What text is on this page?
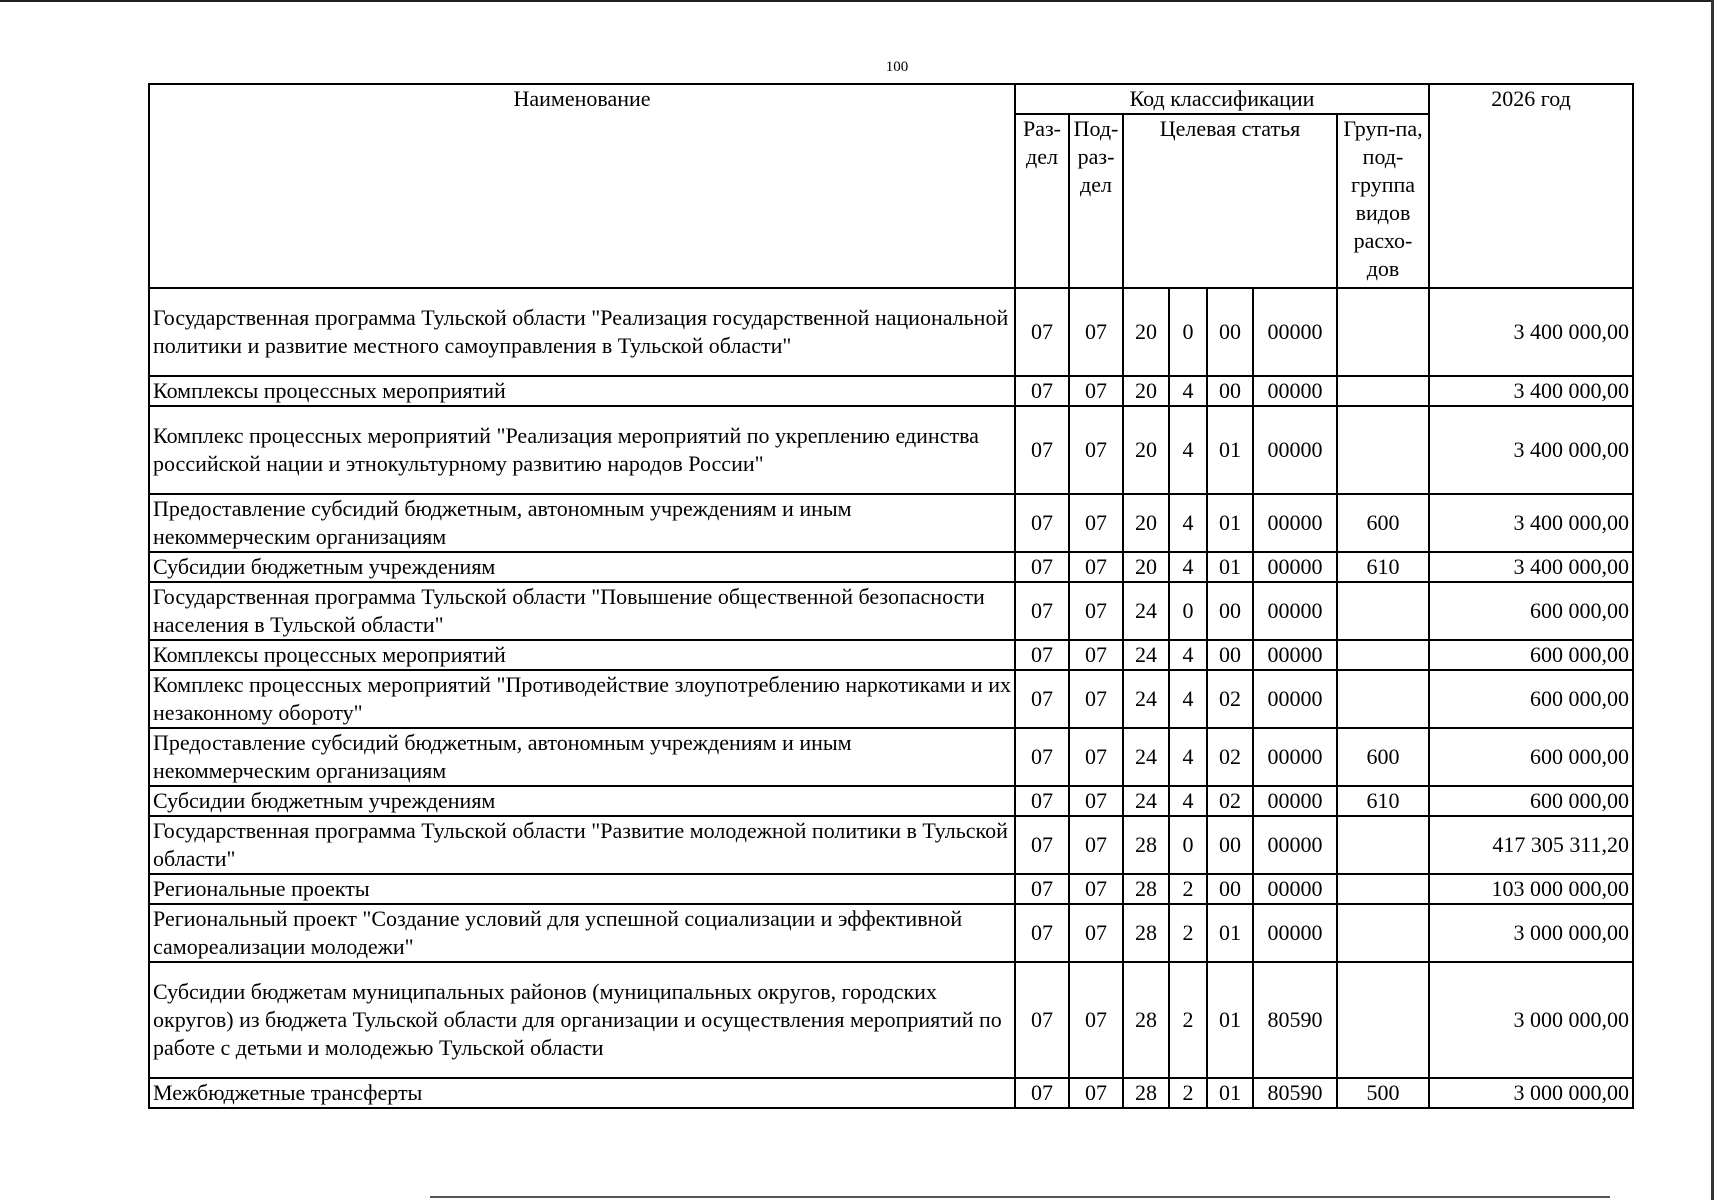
100
Наименование	Код классификации							2026 год
	Раз-дел	Под-раз-дел	Целевая статья				Груп-па, под-группа видов расхо-дов	
Государственная программа Тульской области "Реализация государственной национальной политики и развитие местного самоуправления в Тульской области"	07	07	20	0	00	00000		3 400 000,00
Комплексы процессных мероприятий	07	07	20	4	00	00000		3 400 000,00
Комплекс процессных мероприятий "Реализация мероприятий по укреплению единства российской нации и этнокультурному развитию народов России"	07	07	20	4	01	00000		3 400 000,00
Предоставление субсидий бюджетным, автономным учреждениям и иным некоммерческим организациям	07	07	20	4	01	00000	600	3 400 000,00
Субсидии бюджетным учреждениям	07	07	20	4	01	00000	610	3 400 000,00
Государственная программа Тульской области "Повышение общественной безопасности населения в Тульской области"	07	07	24	0	00	00000		600 000,00
Комплексы процессных мероприятий	07	07	24	4	00	00000		600 000,00
Комплекс процессных мероприятий "Противодействие злоупотреблению наркотиками и их незаконному обороту"	07	07	24	4	02	00000		600 000,00
Предоставление субсидий бюджетным, автономным учреждениям и иным некоммерческим организациям	07	07	24	4	02	00000	600	600 000,00
Субсидии бюджетным учреждениям	07	07	24	4	02	00000	610	600 000,00
Государственная программа Тульской области "Развитие молодежной политики в Тульской области"	07	07	28	0	00	00000		417 305 311,20
Региональные проекты	07	07	28	2	00	00000		103 000 000,00
Региональный проект "Создание условий для успешной социализации и эффективной самореализации молодежи"	07	07	28	2	01	00000		3 000 000,00
Субсидии бюджетам муниципальных районов (муниципальных округов, городских округов) из бюджета Тульской области для организации и осуществления мероприятий по работе с детьми и молодежью Тульской области	07	07	28	2	01	80590		3 000 000,00
Межбюджетные трансферты	07	07	28	2	01	80590	500	3 000 000,00
